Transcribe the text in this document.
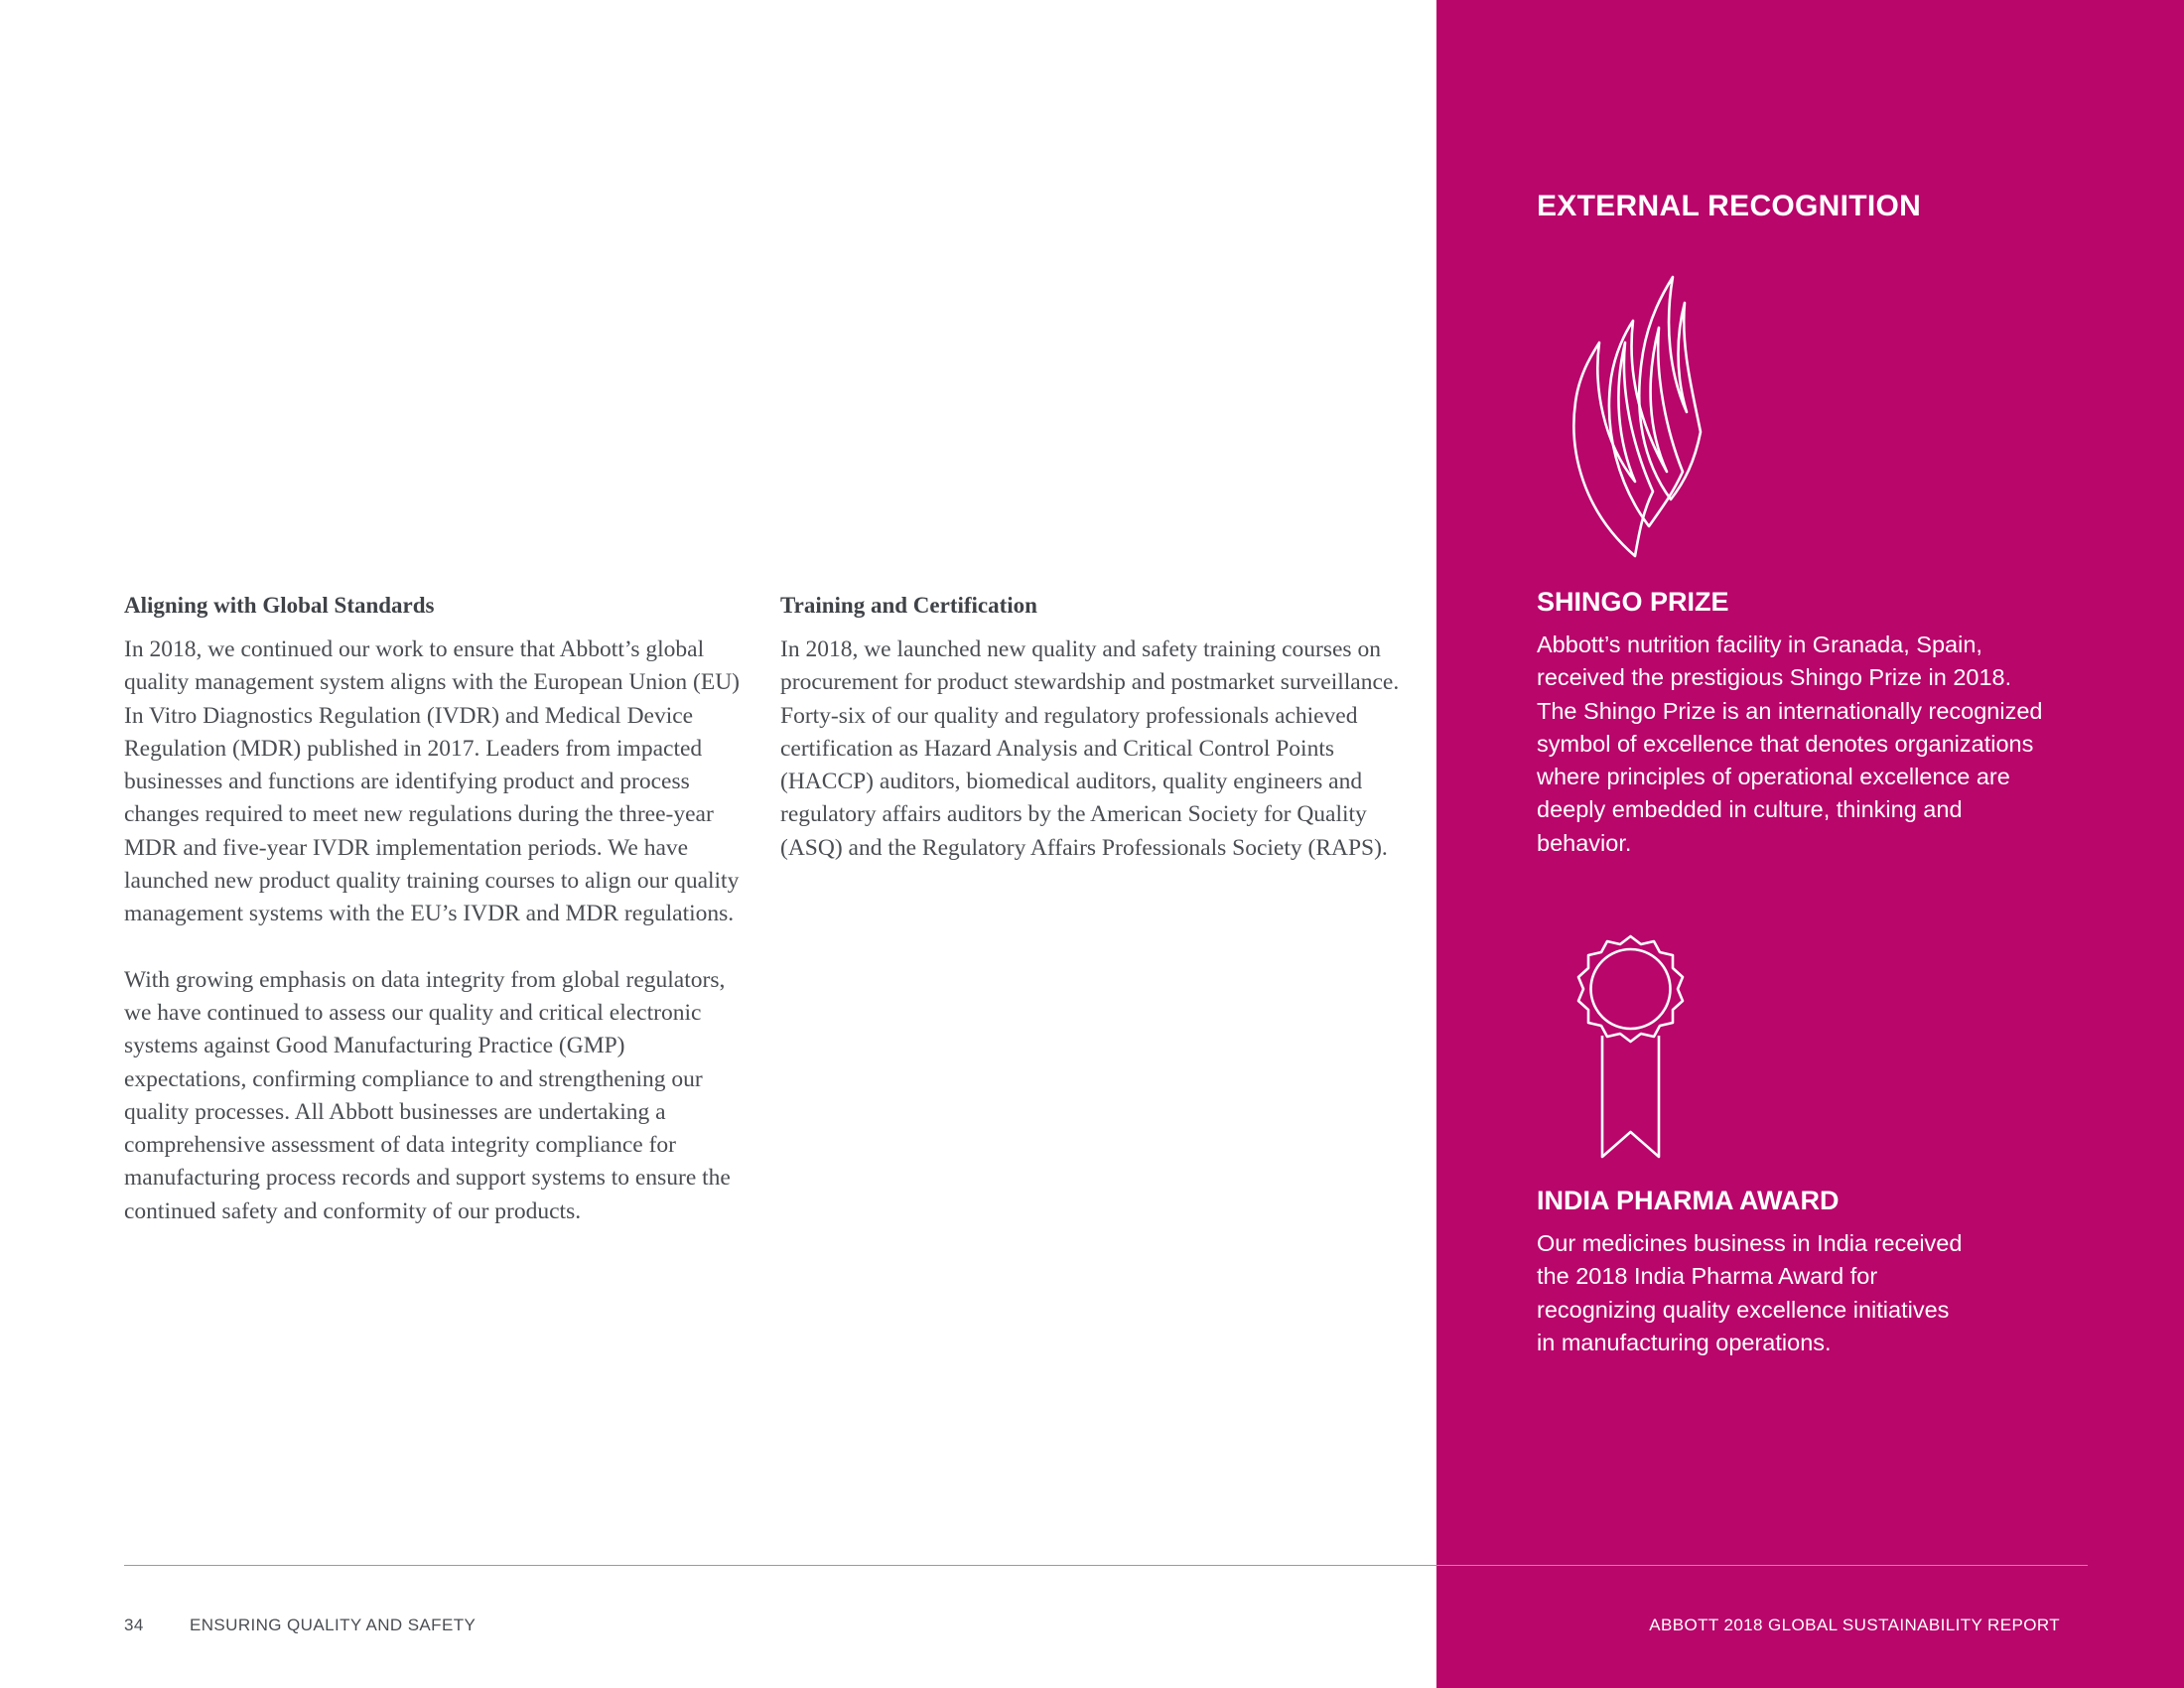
Aligning with Global Standards

In 2018, we continued our work to ensure that Abbott’s global quality management system aligns with the European Union (EU) In Vitro Diagnostics Regulation (IVDR) and Medical Device Regulation (MDR) published in 2017. Leaders from impacted businesses and functions are identifying product and process changes required to meet new regulations during the three-year MDR and five-year IVDR implementation periods. We have launched new product quality training courses to align our quality management systems with the EU’s IVDR and MDR regulations.

With growing emphasis on data integrity from global regulators, we have continued to assess our quality and critical electronic systems against Good Manufacturing Practice (GMP) expectations, confirming compliance to and strengthening our quality processes. All Abbott businesses are undertaking a comprehensive assessment of data integrity compliance for manufacturing process records and support systems to ensure the continued safety and conformity of our products.

Training and Certification

In 2018, we launched new quality and safety training courses on procurement for product stewardship and postmarket surveillance. Forty-six of our quality and regulatory professionals achieved certification as Hazard Analysis and Critical Control Points (HACCP) auditors, biomedical auditors, quality engineers and regulatory affairs auditors by the American Society for Quality (ASQ) and the Regulatory Affairs Professionals Society (RAPS).

EXTERNAL RECOGNITION
SHINGO PRIZE

Abbott’s nutrition facility in Granada, Spain, received the prestigious Shingo Prize in 2018. The Shingo Prize is an internationally recognized symbol of excellence that denotes organizations where principles of operational excellence are deeply embedded in culture, thinking and behavior.

INDIA PHARMA AWARD

Our medicines business in India received the 2018 India Pharma Award for recognizing quality excellence initiatives in manufacturing operations.

34	ENSURING QUALITY AND SAFETY	ABBOTT 2018 GLOBAL SUSTAINABILITY REPORT
